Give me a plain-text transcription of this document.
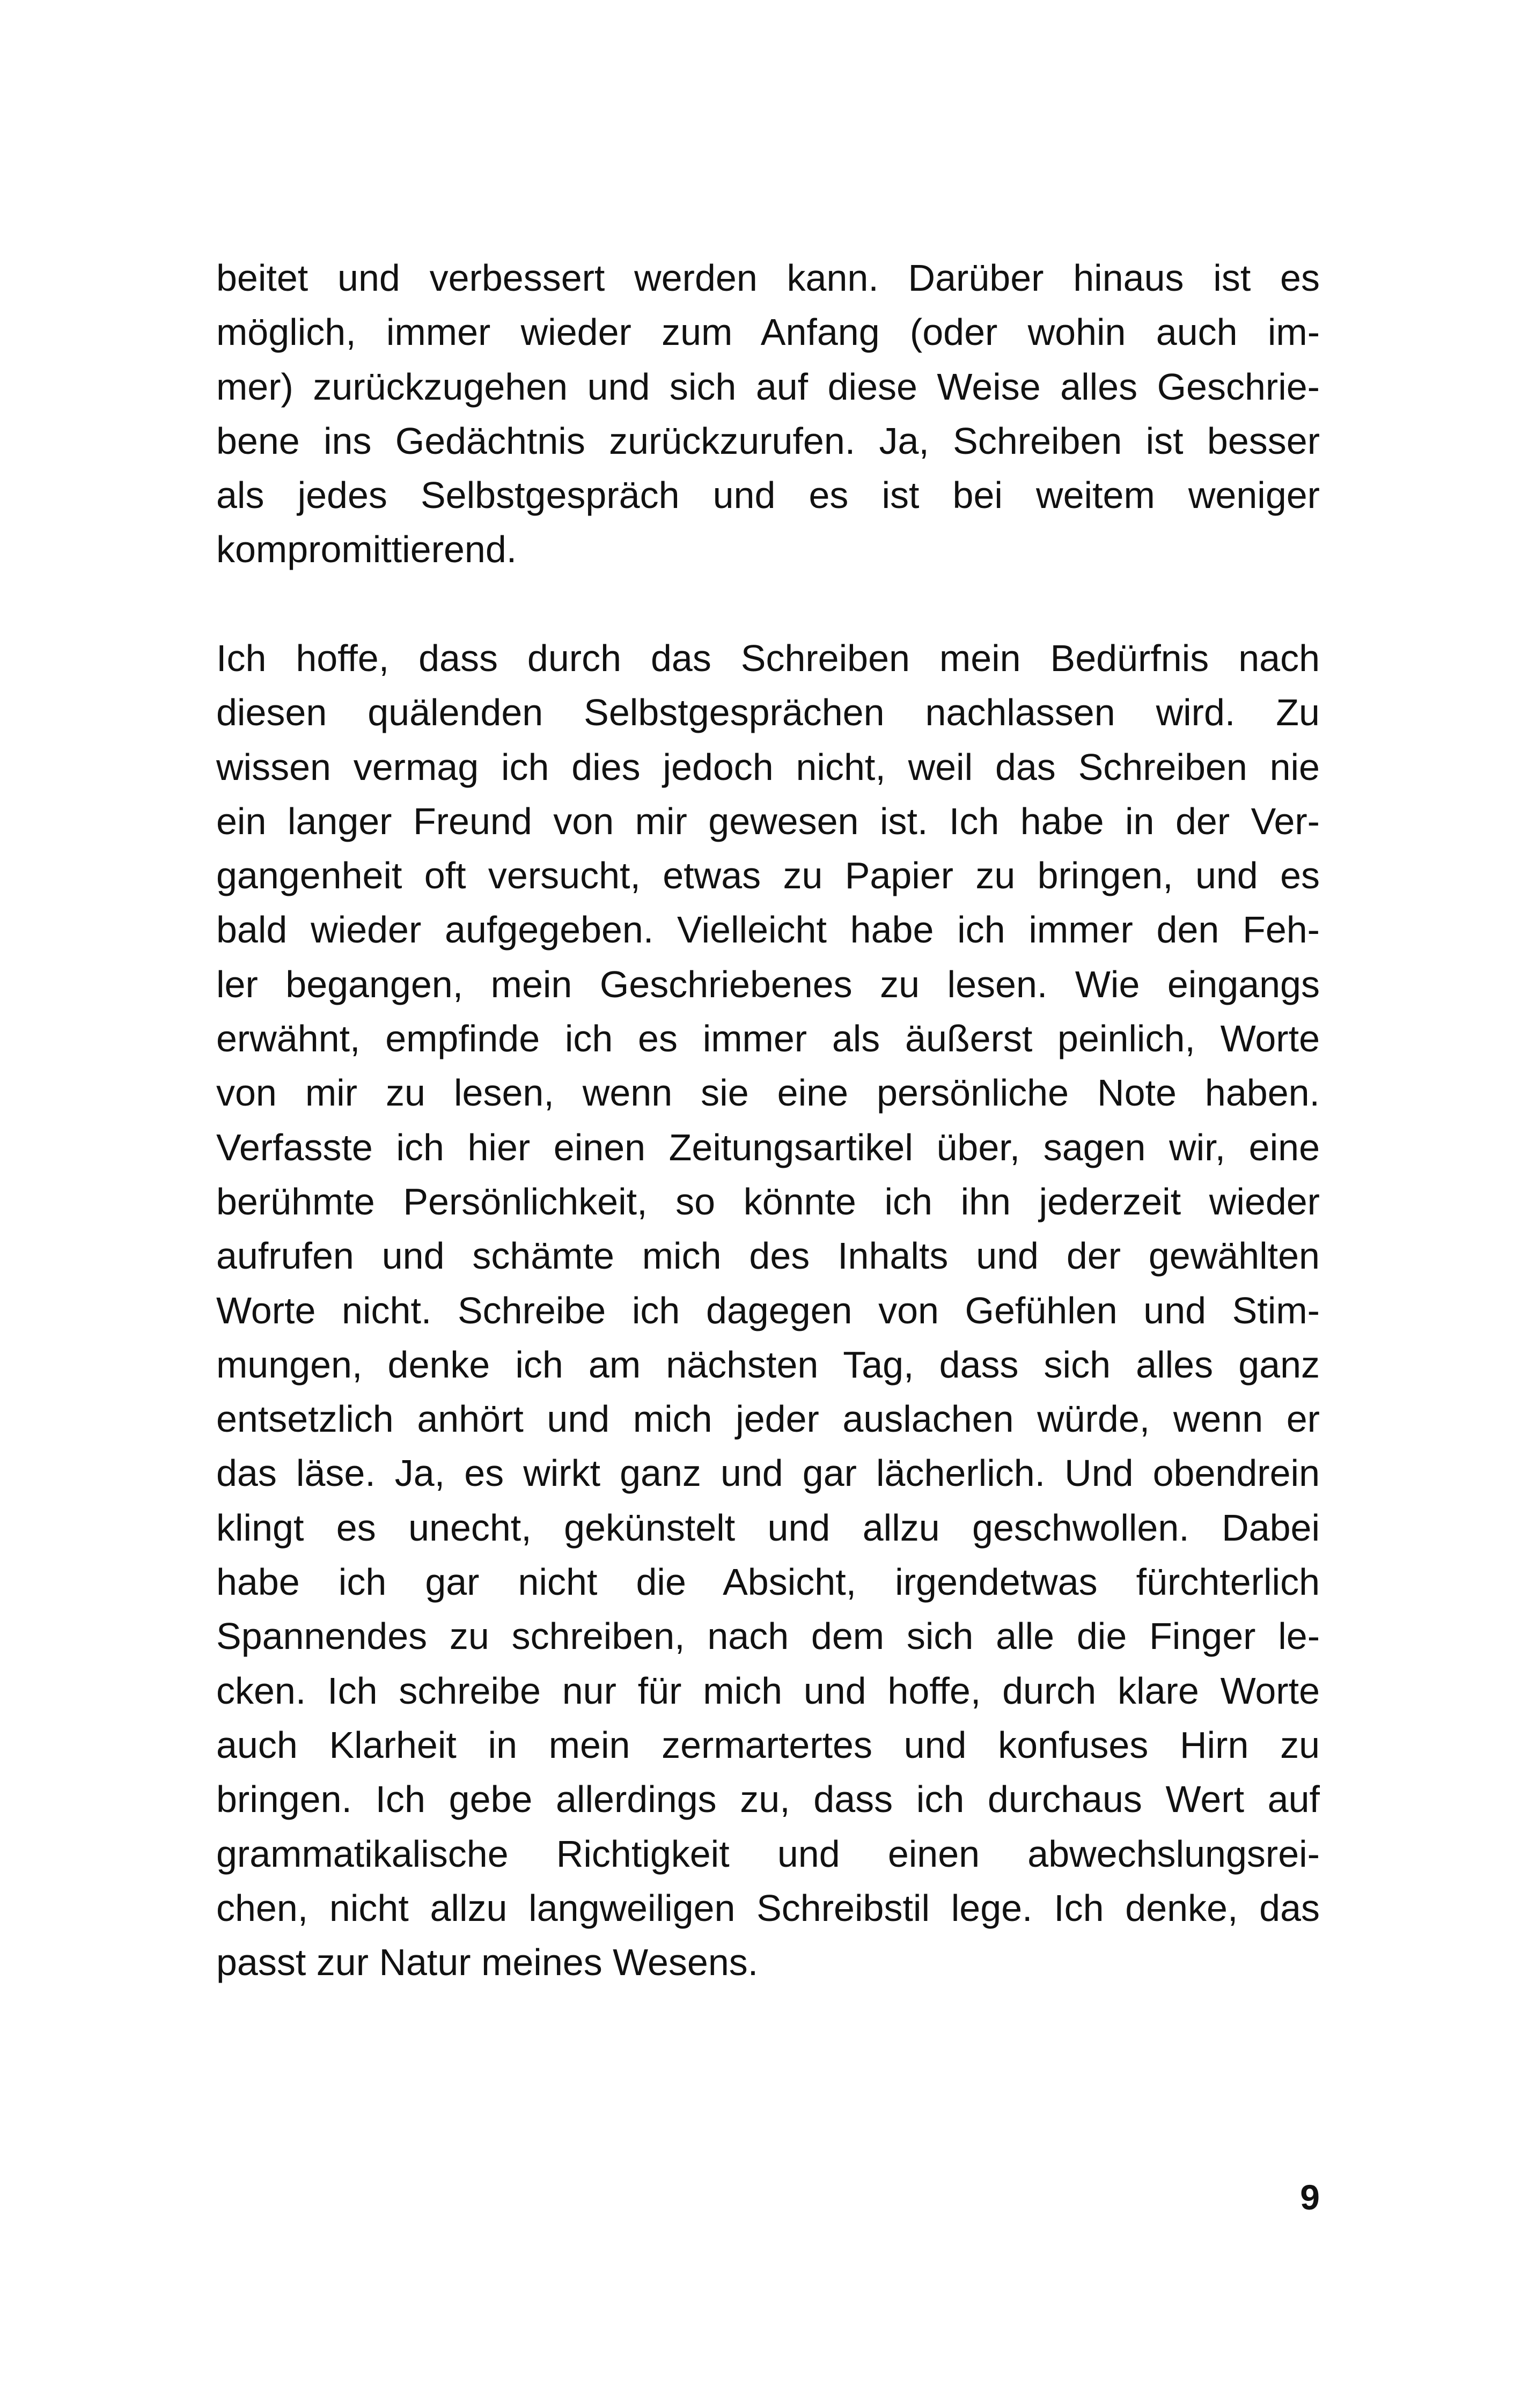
beitet und verbessert werden kann. Darüber hinaus ist es
möglich, immer wieder zum Anfang (oder wohin auch im-
mer) zurückzugehen und sich auf diese Weise alles Geschrie-
bene ins Gedächtnis zurückzurufen. Ja, Schreiben ist besser
als jedes Selbstgespräch und es ist bei weitem weniger
kompromittierend.
Ich hoffe, dass durch das Schreiben mein Bedürfnis nach
diesen quälenden Selbstgesprächen nachlassen wird. Zu
wissen vermag ich dies jedoch nicht, weil das Schreiben nie
ein langer Freund von mir gewesen ist. Ich habe in der Ver-
gangenheit oft versucht, etwas zu Papier zu bringen, und es
bald wieder aufgegeben. Vielleicht habe ich immer den Feh-
ler begangen, mein Geschriebenes zu lesen. Wie eingangs
erwähnt, empfinde ich es immer als äußerst peinlich, Worte
von mir zu lesen, wenn sie eine persönliche Note haben.
Verfasste ich hier einen Zeitungsartikel über, sagen wir, eine
berühmte Persönlichkeit, so könnte ich ihn jederzeit wieder
aufrufen und schämte mich des Inhalts und der gewählten
Worte nicht. Schreibe ich dagegen von Gefühlen und Stim-
mungen, denke ich am nächsten Tag, dass sich alles ganz
entsetzlich anhört und mich jeder auslachen würde, wenn er
das läse. Ja, es wirkt ganz und gar lächerlich. Und obendrein
klingt es unecht, gekünstelt und allzu geschwollen. Dabei
habe ich gar nicht die Absicht, irgendetwas fürchterlich
Spannendes zu schreiben, nach dem sich alle die Finger le-
cken. Ich schreibe nur für mich und hoffe, durch klare Worte
auch Klarheit in mein zermartertes und konfuses Hirn zu
bringen. Ich gebe allerdings zu, dass ich durchaus Wert auf
grammatikalische Richtigkeit und einen abwechslungsrei-
chen, nicht allzu langweiligen Schreibstil lege. Ich denke, das
passt zur Natur meines Wesens.
9
